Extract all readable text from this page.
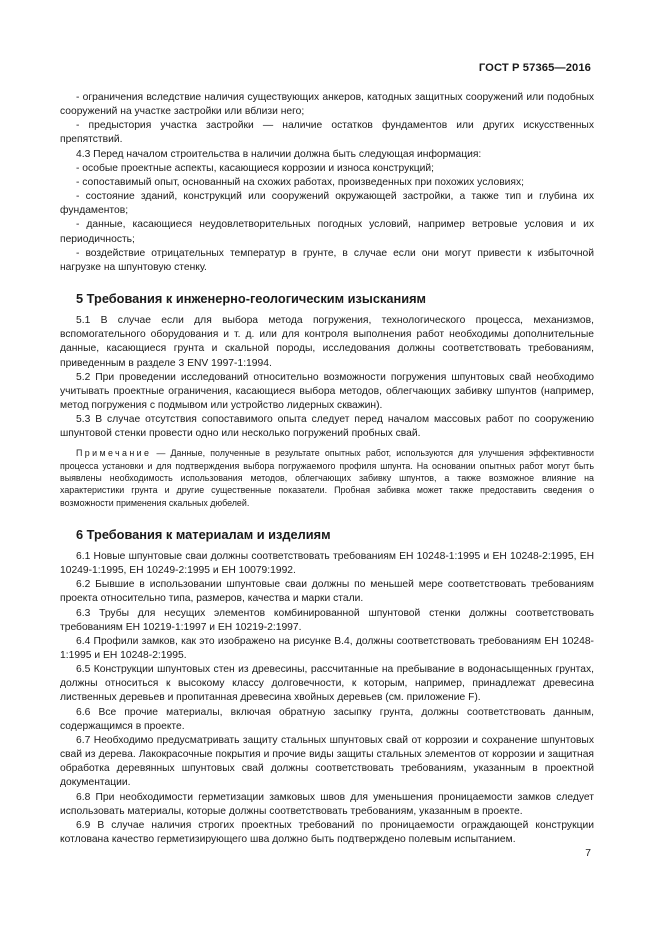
ГОСТ Р 57365—2016

- ограничения вследствие наличия существующих анкеров, катодных защитных сооружений или подобных сооружений на участке застройки или вблизи него;

- предыстория участка застройки — наличие остатков фундаментов или других искусственных препятствий.

4.3 Перед началом строительства в наличии должна быть следующая информация:

- особые проектные аспекты, касающиеся коррозии и износа конструкций;

- сопоставимый опыт, основанный на схожих работах, произведенных при похожих условиях;

- состояние зданий, конструкций или сооружений окружающей застройки, а также тип и глубина их фундаментов;

- данные, касающиеся неудовлетворительных погодных условий, например ветровые условия и их периодичность;

- воздействие отрицательных температур в грунте, в случае если они могут привести к избыточной нагрузке на шпунтовую стенку.

5 Требования к инженерно-геологическим изысканиям

5.1 В случае если для выбора метода погружения, технологического процесса, механизмов, вспомогательного оборудования и т. д. или для контроля выполнения работ необходимы дополнительные данные, касающиеся грунта и скальной породы, исследования должны соответствовать требованиям, приведенным в разделе 3 ENV 1997-1:1994.

5.2 При проведении исследований относительно возможности погружения шпунтовых свай необходимо учитывать проектные ограничения, касающиеся выбора методов, облегчающих забивку шпунтов (например, метод погружения с подмывом или устройство лидерных скважин).

5.3 В случае отсутствия сопоставимого опыта следует перед началом массовых работ по сооружению шпунтовой стенки провести одно или несколько погружений пробных свай.

Примечание — Данные, полученные в результате опытных работ, используются для улучшения эффективности процесса установки и для подтверждения выбора погружаемого профиля шпунта. На основании опытных работ могут быть выявлены необходимость использования методов, облегчающих забивку шпунтов, а также возможное влияние на характеристики грунта и другие существенные показатели. Пробная забивка может также предоставить сведения о возможности применения скальных дюбелей.

6 Требования к материалам и изделиям

6.1 Новые шпунтовые сваи должны соответствовать требованиям ЕН 10248-1:1995 и ЕН 10248-2:1995, ЕН 10249-1:1995, ЕН 10249-2:1995 и ЕН 10079:1992.

6.2 Бывшие в использовании шпунтовые сваи должны по меньшей мере соответствовать требованиям проекта относительно типа, размеров, качества и марки стали.

6.3 Трубы для несущих элементов комбинированной шпунтовой стенки должны соответствовать требованиям ЕН 10219-1:1997 и ЕН 10219-2:1997.

6.4 Профили замков, как это изображено на рисунке В.4, должны соответствовать требованиям ЕН 10248-1:1995 и ЕН 10248-2:1995.

6.5 Конструкции шпунтовых стен из древесины, рассчитанные на пребывание в водонасыщенных грунтах, должны относиться к высокому классу долговечности, к которым, например, принадлежат древесина лиственных деревьев и пропитанная древесина хвойных деревьев (см. приложение F).

6.6 Все прочие материалы, включая обратную засыпку грунта, должны соответствовать данным, содержащимся в проекте.

6.7 Необходимо предусматривать защиту стальных шпунтовых свай от коррозии и сохранение шпунтовых свай из дерева. Лакокрасочные покрытия и прочие виды защиты стальных элементов от коррозии и защитная обработка деревянных шпунтовых свай должны соответствовать требованиям, указанным в проектной документации.

6.8 При необходимости герметизации замковых швов для уменьшения проницаемости замков следует использовать материалы, которые должны соответствовать требованиям, указанным в проекте.

6.9 В случае наличия строгих проектных требований по проницаемости ограждающей конструкции котлована качество герметизирующего шва должно быть подтверждено полевым испытанием.

7
